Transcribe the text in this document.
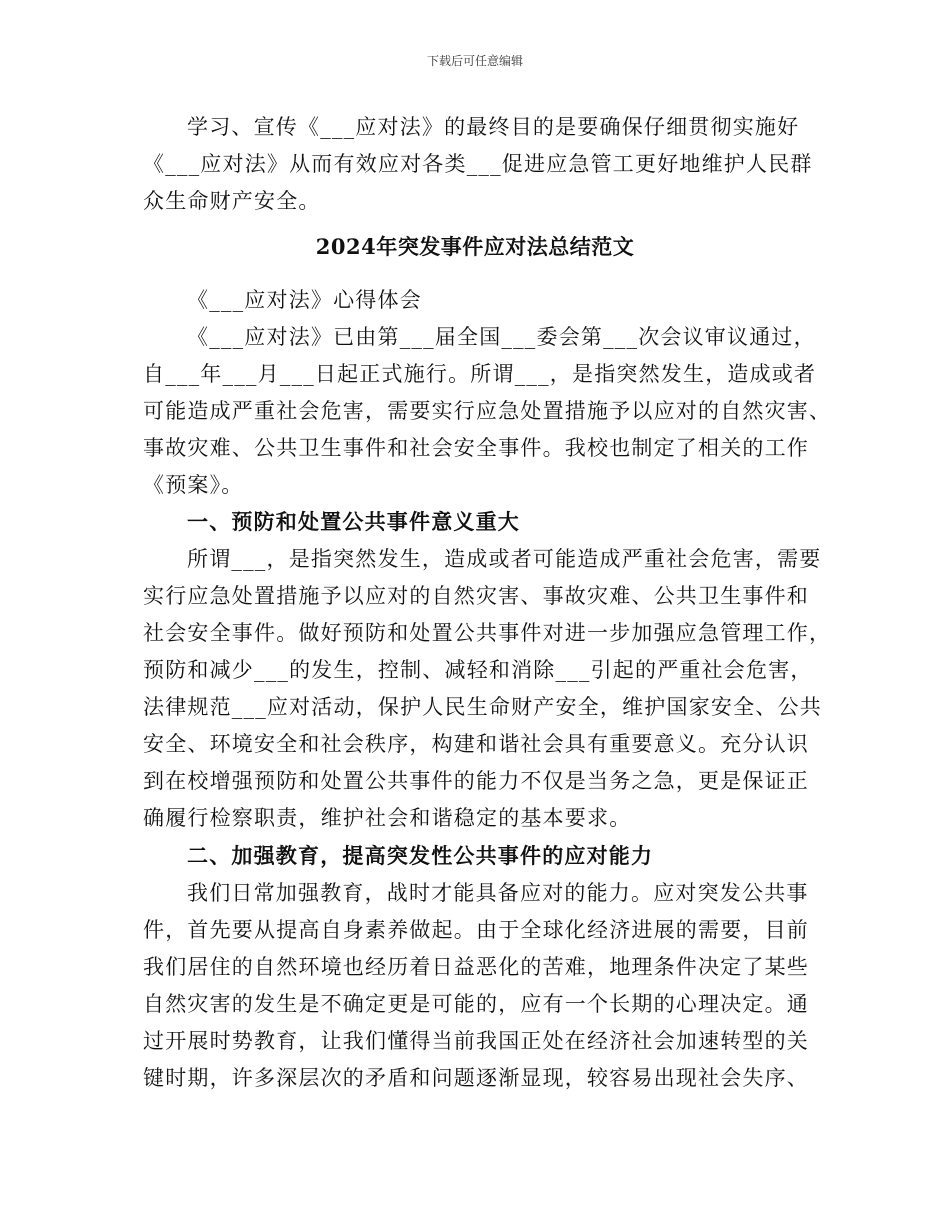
下载后可任意编辑
学习、宣传《___应对法》的最终目的是要确保仔细贯彻实施好
《___应对法》从而有效应对各类___促进应急管工更好地维护人民群
众生命财产安全。
2024年突发事件应对法总结范文
《___应对法》心得体会
《___应对法》已由第___届全国___委会第___次会议审议通过，
自___年___月___日起正式施行。所谓___，是指突然发生，造成或者
可能造成严重社会危害，需要实行应急处置措施予以应对的自然灾害、
事故灾难、公共卫生事件和社会安全事件。我校也制定了相关的工作
《预案》。
一、预防和处置公共事件意义重大
所谓___，是指突然发生，造成或者可能造成严重社会危害，需要
实行应急处置措施予以应对的自然灾害、事故灾难、公共卫生事件和
社会安全事件。做好预防和处置公共事件对进一步加强应急管理工作，
预防和减少___的发生，控制、减轻和消除___引起的严重社会危害，
法律规范___应对活动，保护人民生命财产安全，维护国家安全、公共
安全、环境安全和社会秩序，构建和谐社会具有重要意义。充分认识
到在校增强预防和处置公共事件的能力不仅是当务之急，更是保证正
确履行检察职责，维护社会和谐稳定的基本要求。
二、加强教育，提高突发性公共事件的应对能力
我们日常加强教育，战时才能具备应对的能力。应对突发公共事
件，首先要从提高自身素养做起。由于全球化经济进展的需要，目前
我们居住的自然环境也经历着日益恶化的苦难，地理条件决定了某些
自然灾害的发生是不确定更是可能的，应有一个长期的心理决定。通
过开展时势教育，让我们懂得当前我国正处在经济社会加速转型的关
键时期，许多深层次的矛盾和问题逐渐显现，较容易出现社会失序、
